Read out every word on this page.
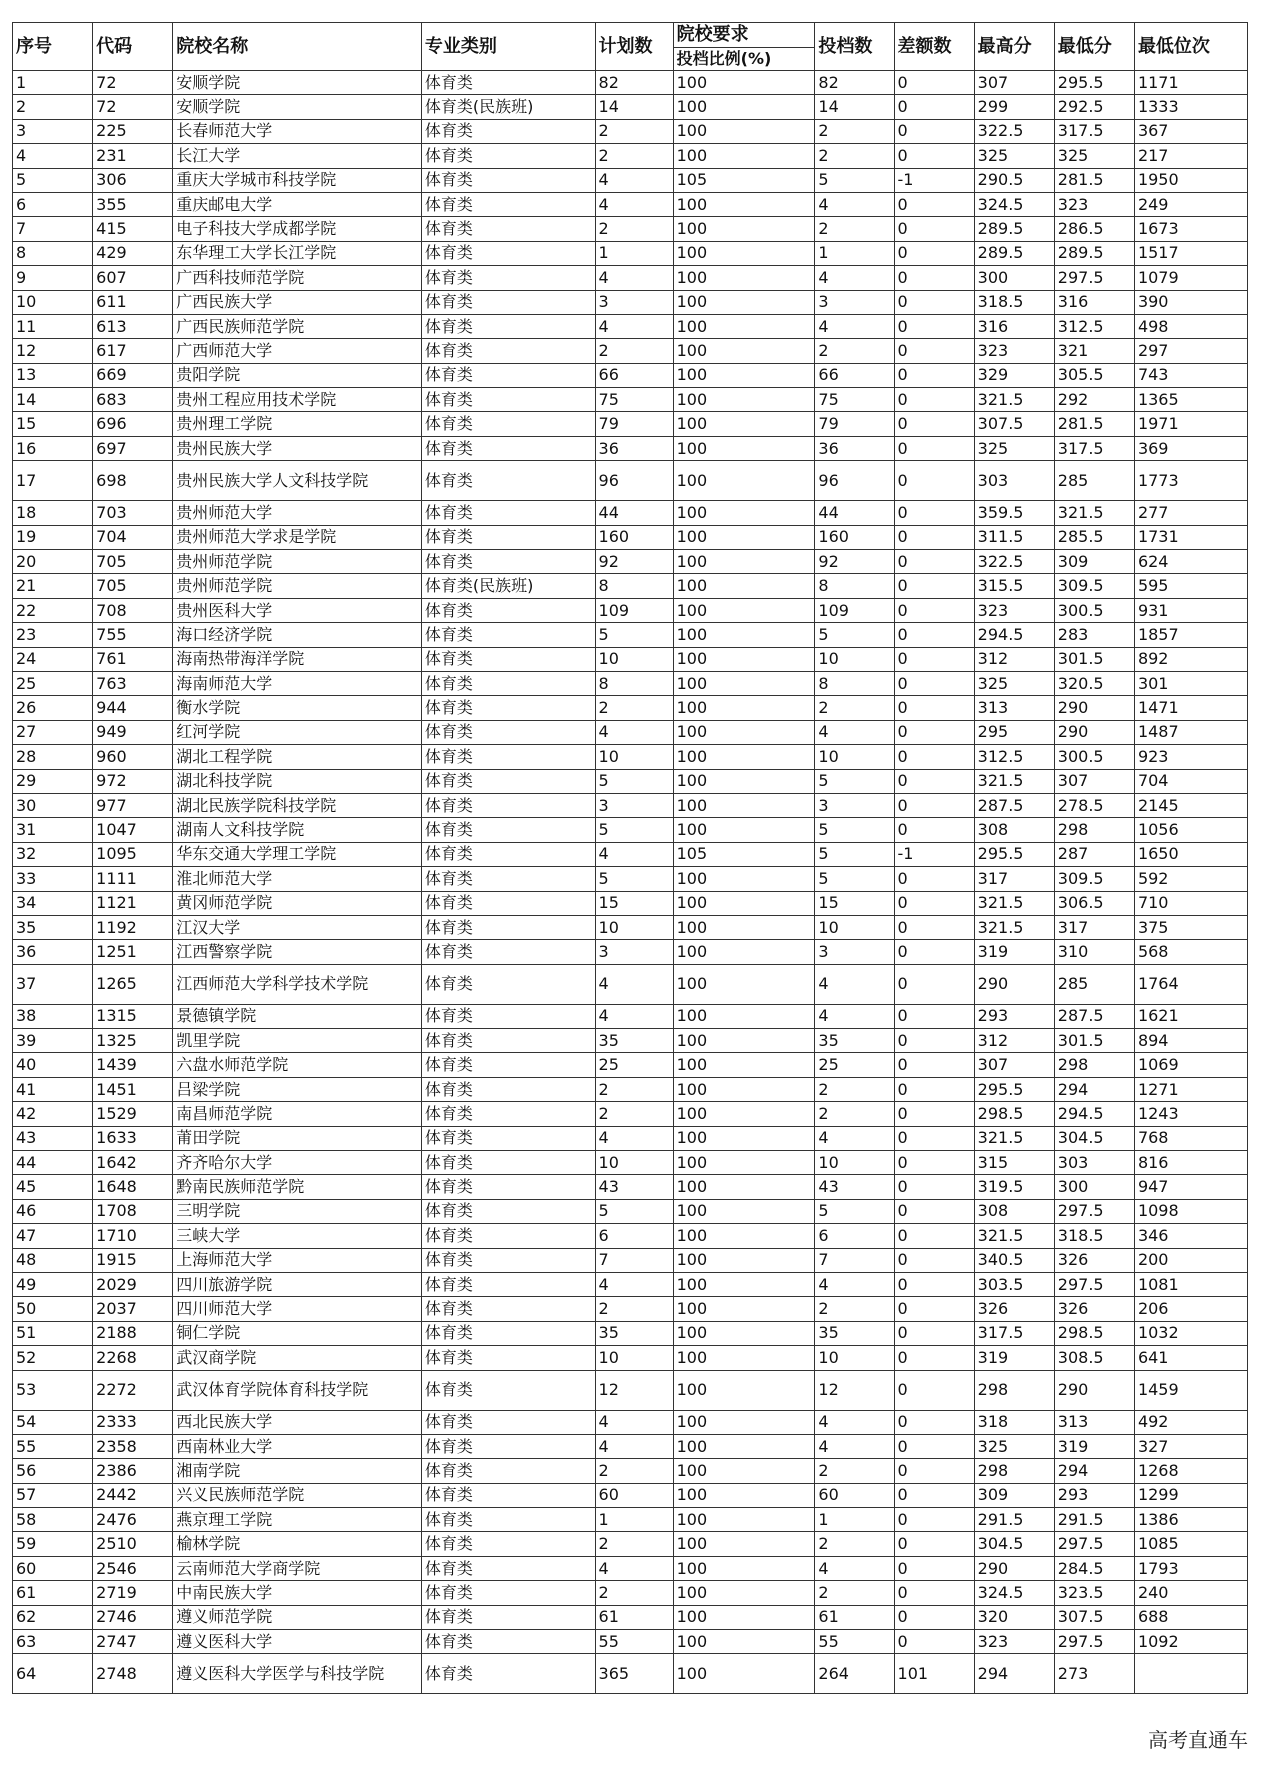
序号	代码	院校名称	专业类别	计划数	院校要求	投档数	差额数	最高分	最低分	最低位次
					投档比例(%)					
1	72	安顺学院	体育类	82	100	82	0	307	295.5	1171
2	72	安顺学院	体育类(民族班)	14	100	14	0	299	292.5	1333
3	225	长春师范大学	体育类	2	100	2	0	322.5	317.5	367
4	231	长江大学	体育类	2	100	2	0	325	325	217
5	306	重庆大学城市科技学院	体育类	4	105	5	-1	290.5	281.5	1950
6	355	重庆邮电大学	体育类	4	100	4	0	324.5	323	249
7	415	电子科技大学成都学院	体育类	2	100	2	0	289.5	286.5	1673
8	429	东华理工大学长江学院	体育类	1	100	1	0	289.5	289.5	1517
9	607	广西科技师范学院	体育类	4	100	4	0	300	297.5	1079
10	611	广西民族大学	体育类	3	100	3	0	318.5	316	390
11	613	广西民族师范学院	体育类	4	100	4	0	316	312.5	498
12	617	广西师范大学	体育类	2	100	2	0	323	321	297
13	669	贵阳学院	体育类	66	100	66	0	329	305.5	743
14	683	贵州工程应用技术学院	体育类	75	100	75	0	321.5	292	1365
15	696	贵州理工学院	体育类	79	100	79	0	307.5	281.5	1971
16	697	贵州民族大学	体育类	36	100	36	0	325	317.5	369
17	698	贵州民族大学人文科技学院	体育类	96	100	96	0	303	285	1773
18	703	贵州师范大学	体育类	44	100	44	0	359.5	321.5	277
19	704	贵州师范大学求是学院	体育类	160	100	160	0	311.5	285.5	1731
20	705	贵州师范学院	体育类	92	100	92	0	322.5	309	624
21	705	贵州师范学院	体育类(民族班)	8	100	8	0	315.5	309.5	595
22	708	贵州医科大学	体育类	109	100	109	0	323	300.5	931
23	755	海口经济学院	体育类	5	100	5	0	294.5	283	1857
24	761	海南热带海洋学院	体育类	10	100	10	0	312	301.5	892
25	763	海南师范大学	体育类	8	100	8	0	325	320.5	301
26	944	衡水学院	体育类	2	100	2	0	313	290	1471
27	949	红河学院	体育类	4	100	4	0	295	290	1487
28	960	湖北工程学院	体育类	10	100	10	0	312.5	300.5	923
29	972	湖北科技学院	体育类	5	100	5	0	321.5	307	704
30	977	湖北民族学院科技学院	体育类	3	100	3	0	287.5	278.5	2145
31	1047	湖南人文科技学院	体育类	5	100	5	0	308	298	1056
32	1095	华东交通大学理工学院	体育类	4	105	5	-1	295.5	287	1650
33	1111	淮北师范大学	体育类	5	100	5	0	317	309.5	592
34	1121	黄冈师范学院	体育类	15	100	15	0	321.5	306.5	710
35	1192	江汉大学	体育类	10	100	10	0	321.5	317	375
36	1251	江西警察学院	体育类	3	100	3	0	319	310	568
37	1265	江西师范大学科学技术学院	体育类	4	100	4	0	290	285	1764
38	1315	景德镇学院	体育类	4	100	4	0	293	287.5	1621
39	1325	凯里学院	体育类	35	100	35	0	312	301.5	894
40	1439	六盘水师范学院	体育类	25	100	25	0	307	298	1069
41	1451	吕梁学院	体育类	2	100	2	0	295.5	294	1271
42	1529	南昌师范学院	体育类	2	100	2	0	298.5	294.5	1243
43	1633	莆田学院	体育类	4	100	4	0	321.5	304.5	768
44	1642	齐齐哈尔大学	体育类	10	100	10	0	315	303	816
45	1648	黔南民族师范学院	体育类	43	100	43	0	319.5	300	947
46	1708	三明学院	体育类	5	100	5	0	308	297.5	1098
47	1710	三峡大学	体育类	6	100	6	0	321.5	318.5	346
48	1915	上海师范大学	体育类	7	100	7	0	340.5	326	200
49	2029	四川旅游学院	体育类	4	100	4	0	303.5	297.5	1081
50	2037	四川师范大学	体育类	2	100	2	0	326	326	206
51	2188	铜仁学院	体育类	35	100	35	0	317.5	298.5	1032
52	2268	武汉商学院	体育类	10	100	10	0	319	308.5	641
53	2272	武汉体育学院体育科技学院	体育类	12	100	12	0	298	290	1459
54	2333	西北民族大学	体育类	4	100	4	0	318	313	492
55	2358	西南林业大学	体育类	4	100	4	0	325	319	327
56	2386	湘南学院	体育类	2	100	2	0	298	294	1268
57	2442	兴义民族师范学院	体育类	60	100	60	0	309	293	1299
58	2476	燕京理工学院	体育类	1	100	1	0	291.5	291.5	1386
59	2510	榆林学院	体育类	2	100	2	0	304.5	297.5	1085
60	2546	云南师范大学商学院	体育类	4	100	4	0	290	284.5	1793
61	2719	中南民族大学	体育类	2	100	2	0	324.5	323.5	240
62	2746	遵义师范学院	体育类	61	100	61	0	320	307.5	688
63	2747	遵义医科大学	体育类	55	100	55	0	323	297.5	1092
64	2748	遵义医科大学医学与科技学院	体育类	365	100	264	101	294	273	
高考直通车
